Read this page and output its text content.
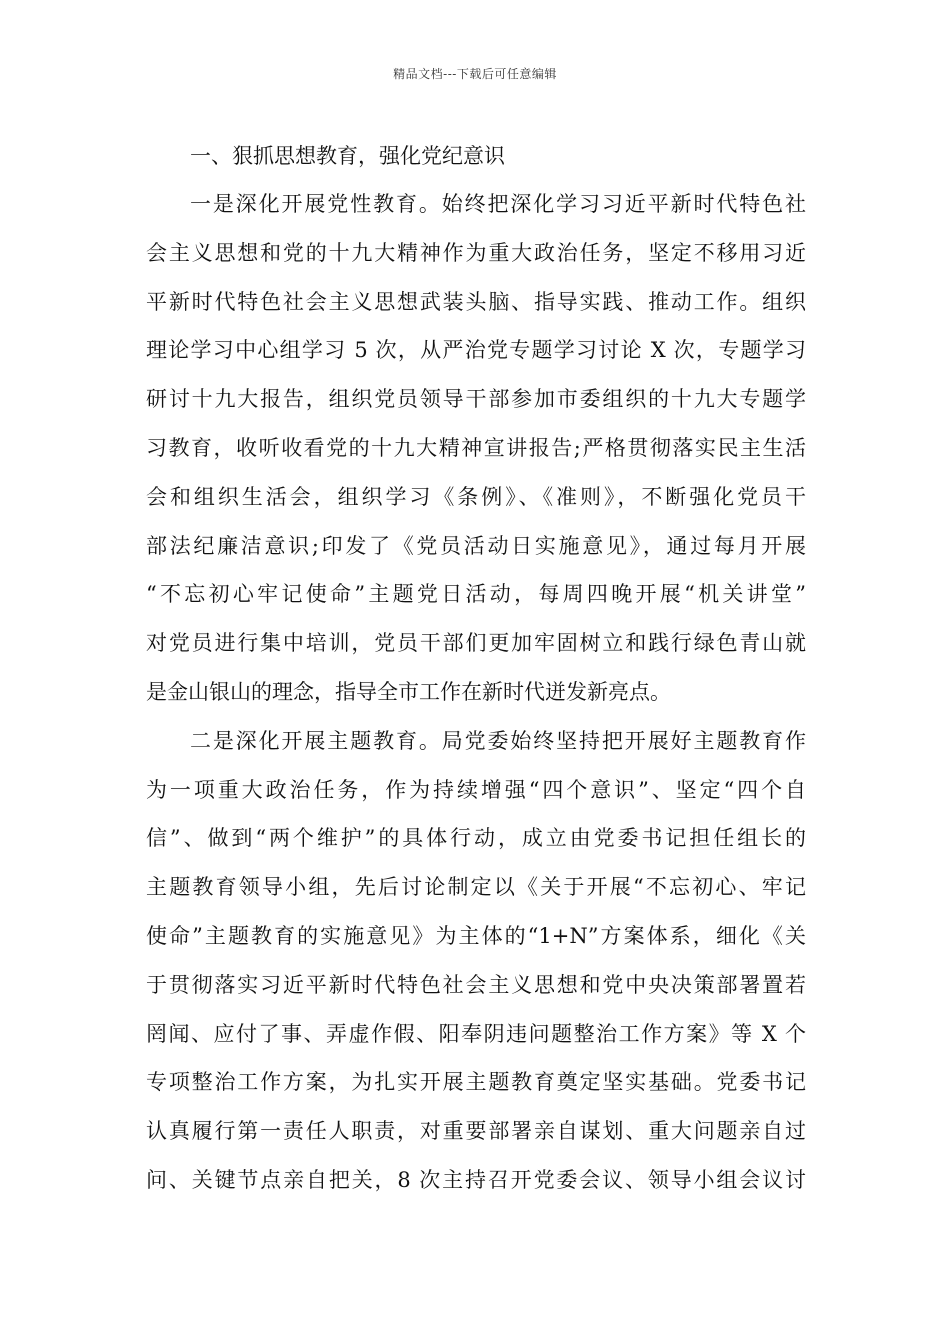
精品文档---下载后可任意编辑

一、狠抓思想教育，强化党纪意识

一是深化开展党性教育。始终把深化学习习近平新时代特色社
会主义思想和党的十九大精神作为重大政治任务，坚定不移用习近
平新时代特色社会主义思想武装头脑、指导实践、推动工作。组织
理论学习中心组学习 5 次，从严治党专题学习讨论 X 次，专题学习
研讨十九大报告，组织党员领导干部参加市委组织的十九大专题学
习教育，收听收看党的十九大精神宣讲报告;严格贯彻落实民主生活
会和组织生活会，组织学习《条例》、《准则》，不断强化党员干
部法纪廉洁意识;印发了《党员活动日实施意见》，通过每月开展
“不忘初心牢记使命”主题党日活动，每周四晚开展“机关讲堂”
对党员进行集中培训，党员干部们更加牢固树立和践行绿色青山就
是金山银山的理念，指导全市工作在新时代迸发新亮点。
二是深化开展主题教育。局党委始终坚持把开展好主题教育作
为一项重大政治任务，作为持续增强“四个意识”、坚定“四个自
信”、做到“两个维护”的具体行动，成立由党委书记担任组长的
主题教育领导小组，先后讨论制定以《关于开展“不忘初心、牢记
使命”主题教育的实施意见》为主体的“1+N”方案体系，细化《关
于贯彻落实习近平新时代特色社会主义思想和党中央决策部署置若
罔闻、应付了事、弄虚作假、阳奉阴违问题整治工作方案》等 X 个
专项整治工作方案，为扎实开展主题教育奠定坚实基础。党委书记
认真履行第一责任人职责，对重要部署亲自谋划、重大问题亲自过
问、关键节点亲自把关，8 次主持召开党委会议、领导小组会议讨
